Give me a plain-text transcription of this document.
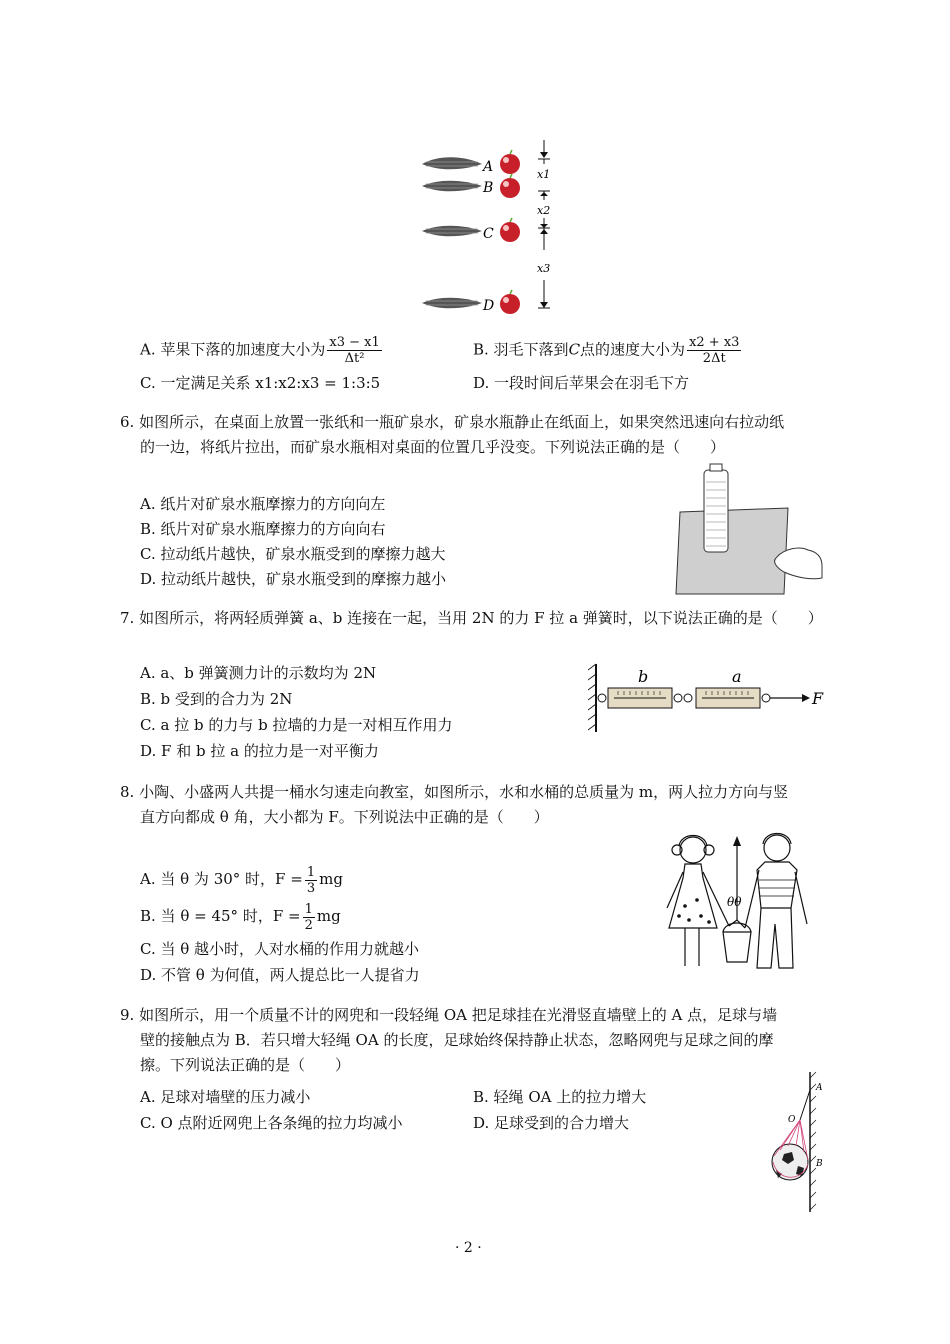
A
B
C
D
x1
x2
x3
A. 苹果下落的加速度大小为 $\frac{x3 - x1}{\text{Δt²}}$	B. 羽毛下落到C点的速度大小为 $\frac{x2 + x3}{2\Delta t}$
C. 一定满足关系 x1:x2:x3 = 1:3:5	D. 一段时间后苹果会在羽毛下方
6. 如图所示，在桌面上放置一张纸和一瓶矿泉水，矿泉水瓶静止在纸面上，如果突然迅速向右拉动纸
的一边，将纸片拉出，而矿泉水瓶相对桌面的位置几乎没变。下列说法正确的是（　　）
A. 纸片对矿泉水瓶摩擦力的方向向左
B. 纸片对矿泉水瓶摩擦力的方向向右
C. 拉动纸片越快，矿泉水瓶受到的摩擦力越大
D. 拉动纸片越快，矿泉水瓶受到的摩擦力越小
7. 如图所示，将两轻质弹簧 a、b 连接在一起，当用 2N 的力 F 拉 a 弹簧时，以下说法正确的是（　　）
A. a、b 弹簧测力计的示数均为 2N
B. b 受到的合力为 2N
C. a 拉 b 的力与 b 拉墙的力是一对相互作用力
D. F 和 b 拉 a 的拉力是一对平衡力
b	a
F
8. 小陶、小盛两人共提一桶水匀速走向教室，如图所示，水和水桶的总质量为 m，两人拉力方向与竖
直方向都成 θ 角，大小都为 F。下列说法中正确的是（　　）
A. 当 θ 为 30° 时，$F = \frac{1}{3}$ mg
B. 当 θ = 45° 时，$F = \frac{1}{2}$ mg
C. 当 θ 越小时，人对水桶的作用力就越小
D. 不管 θ 为何值，两人提总比一人提省力
θθ
9. 如图所示，用一个质量不计的网兜和一段轻绳 OA 把足球挂在光滑竖直墙壁上的 A 点，足球与墙
壁的接触点为 B．若只增大轻绳 OA 的长度，足球始终保持静止状态，忽略网兜与足球之间的摩
擦。下列说法正确的是（　　）
A. 足球对墙壁的压力减小	B. 轻绳 OA 上的拉力增大
C. O 点附近网兜上各条绳的拉力均减小	D. 足球受到的合力增大
A
O
B
· 2 ·
